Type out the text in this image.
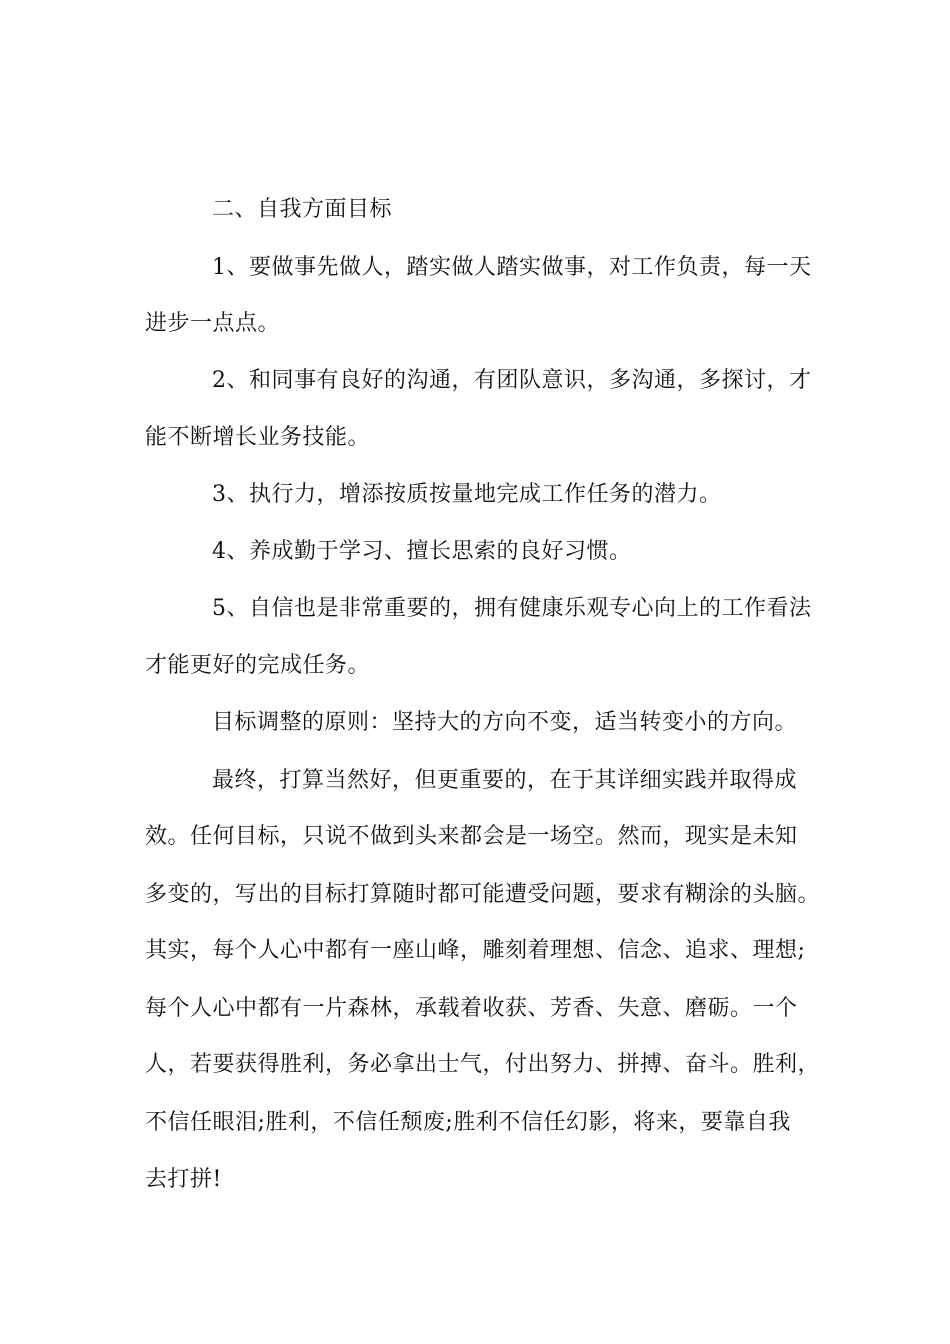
二、自我方面目标
1、要做事先做人，踏实做人踏实做事，对工作负责，每一天
进步一点点。
2、和同事有良好的沟通，有团队意识，多沟通，多探讨，才
能不断增长业务技能。
3、执行力，增添按质按量地完成工作任务的潜力。
4、养成勤于学习、擅长思索的良好习惯。
5、自信也是非常重要的，拥有健康乐观专心向上的工作看法
才能更好的完成任务。
目标调整的原则：坚持大的方向不变，适当转变小的方向。
最终，打算当然好，但更重要的，在于其详细实践并取得成
效。任何目标，只说不做到头来都会是一场空。然而，现实是未知
多变的，写出的目标打算随时都可能遭受问题，要求有糊涂的头脑。
其实，每个人心中都有一座山峰，雕刻着理想、信念、追求、理想;
每个人心中都有一片森林，承载着收获、芳香、失意、磨砺。一个
人，若要获得胜利，务必拿出士气，付出努力、拼搏、奋斗。胜利，
不信任眼泪;胜利，不信任颓废;胜利不信任幻影，将来，要靠自我
去打拼!
